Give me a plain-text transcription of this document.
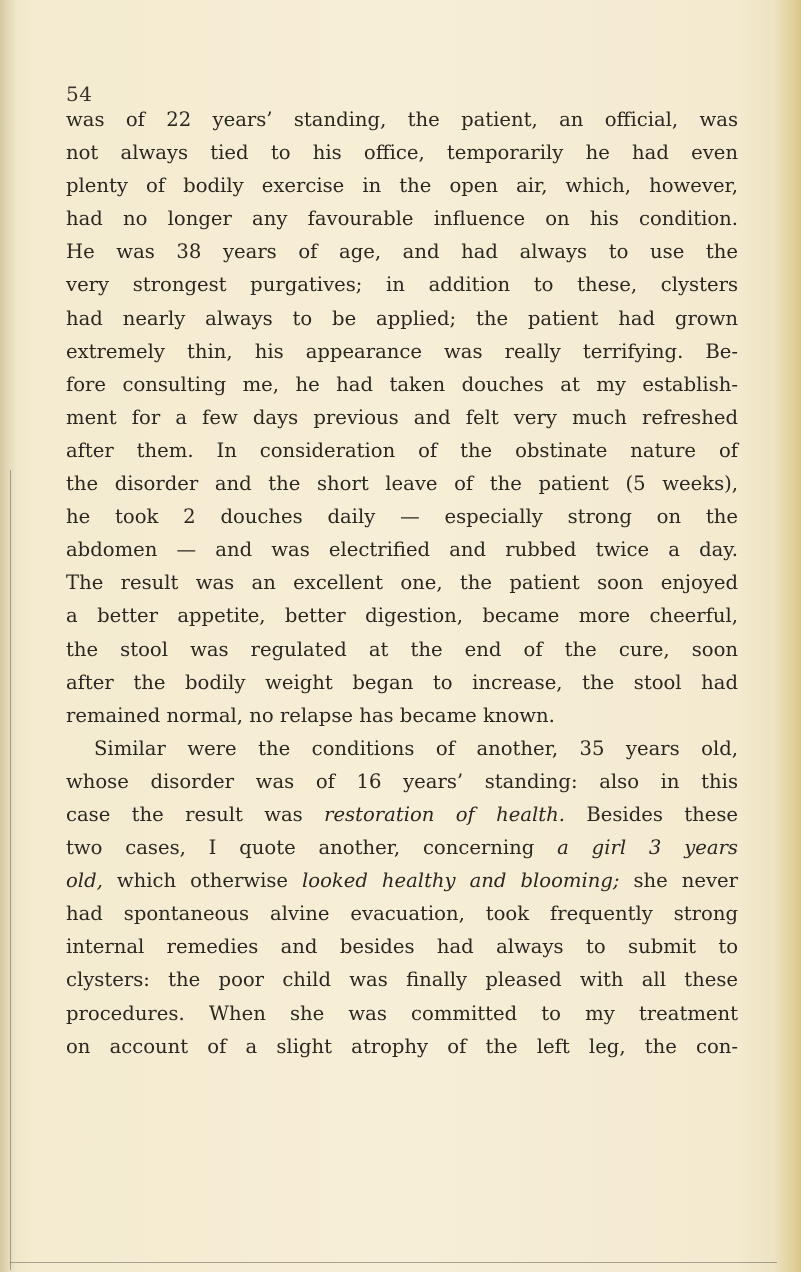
54
was of 22 years’ standing, the patient, an official, was
not always tied to his office, temporarily he had even
plenty of bodily exercise in the open air, which, however,
had no longer any favourable influence on his condition.
He was 38 years of age, and had always to use the
very strongest purgatives; in addition to these, clysters
had nearly always to be applied; the patient had grown
extremely thin, his appearance was really terrifying. Be-
fore consulting me, he had taken douches at my establish-
ment for a few days previous and felt very much refreshed
after them. In consideration of the obstinate nature of
the disorder and the short leave of the patient (5 weeks),
he took 2 douches daily — especially strong on the
abdomen — and was electrified and rubbed twice a day.
The result was an excellent one, the patient soon enjoyed
a better appetite, better digestion, became more cheerful,
the stool was regulated at the end of the cure, soon
after the bodily weight began to increase, the stool had
remained normal, no relapse has became known.
Similar were the conditions of another, 35 years old,
whose disorder was of 16 years’ standing: also in this
case the result was restoration of health. Besides these
two cases, I quote another, concerning a girl 3 years
old, which otherwise looked healthy and blooming; she never
had spontaneous alvine evacuation, took frequently strong
internal remedies and besides had always to submit to
clysters: the poor child was finally pleased with all these
procedures. When she was committed to my treatment
on account of a slight atrophy of the left leg, the con-
